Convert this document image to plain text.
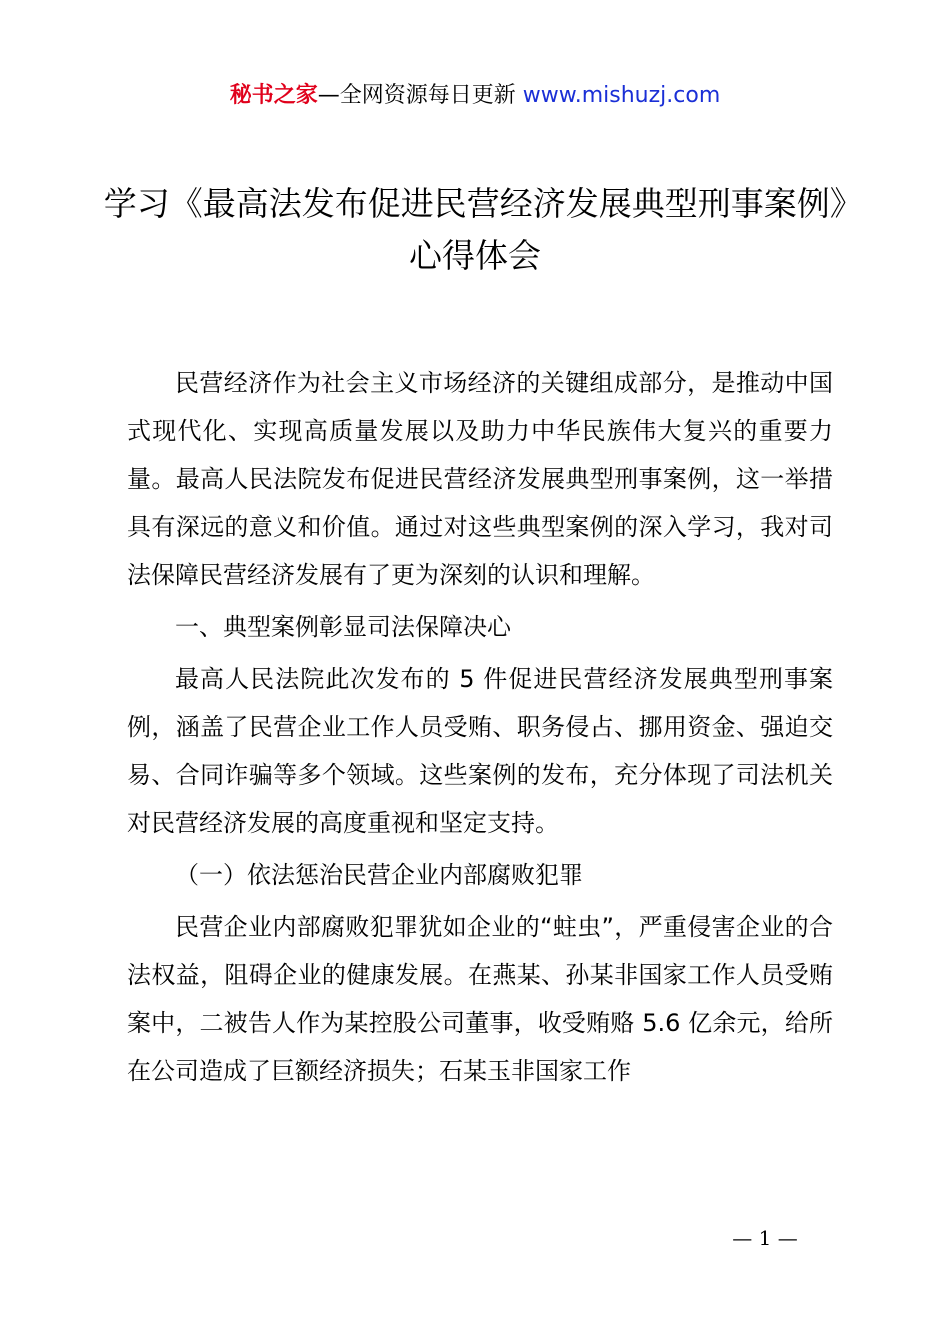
秘书之家—全网资源每日更新 www.mishuzj.com
学习《最高法发布促进民营经济发展典型刑事案例》心得体会

民营经济作为社会主义市场经济的关键组成部分，是推动中国式现代化、实现高质量发展以及助力中华民族伟大复兴的重要力量。最高人民法院发布促进民营经济发展典型刑事案例，这一举措具有深远的意义和价值。通过对这些典型案例的深入学习，我对司法保障民营经济发展有了更为深刻的认识和理解。

一、典型案例彰显司法保障决心

最高人民法院此次发布的 5 件促进民营经济发展典型刑事案例，涵盖了民营企业工作人员受贿、职务侵占、挪用资金、强迫交易、合同诈骗等多个领域。这些案例的发布，充分体现了司法机关对民营经济发展的高度重视和坚定支持。

（一）依法惩治民营企业内部腐败犯罪

民营企业内部腐败犯罪犹如企业的“蛀虫”，严重侵害企业的合法权益，阻碍企业的健康发展。在燕某、孙某非国家工作人员受贿案中，二被告人作为某控股公司董事，收受贿赂 5.6 亿余元，给所在公司造成了巨额经济损失；石某玉非国家工作

— 1 —
